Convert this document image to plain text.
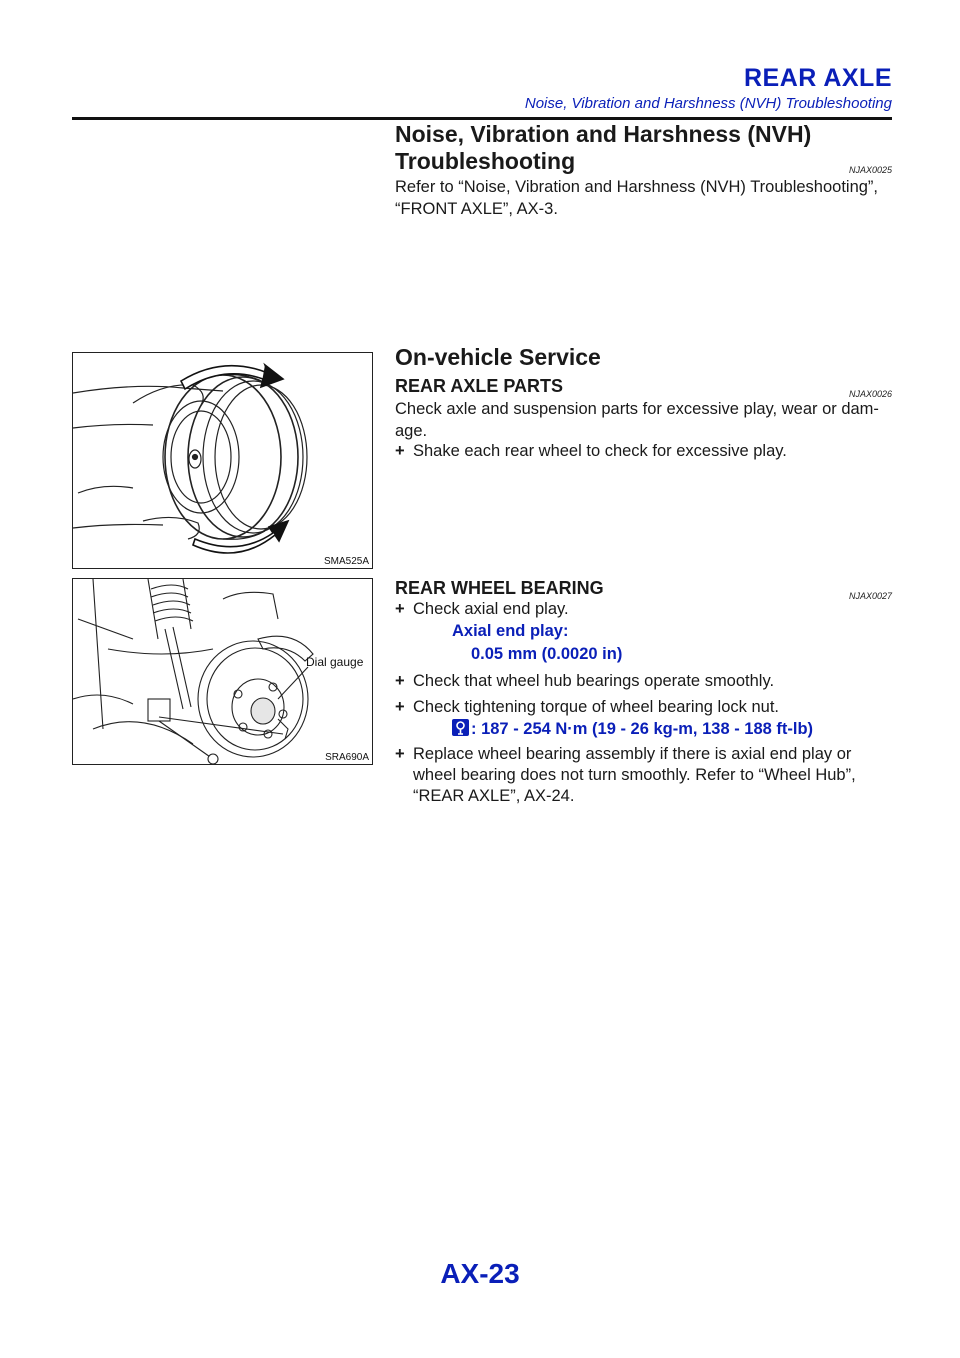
REAR AXLE
Noise, Vibration and Harshness (NVH) Troubleshooting
Noise, Vibration and Harshness (NVH)
Troubleshooting	NJAX0025
Refer to “Noise, Vibration and Harshness (NVH) Troubleshooting”,
“FRONT AXLE”, AX-3.
SMA525A
On-vehicle Service
REAR AXLE PARTS	NJAX0026
Check axle and suspension parts for excessive play, wear or dam-
age.
+ Shake each rear wheel to check for excessive play.
Dial gauge
SRA690A
REAR WHEEL BEARING	NJAX0027
+ Check axial end play.
Axial end play:
0.05 mm (0.0020 in)
+ Check that wheel hub bearings operate smoothly.
+ Check tightening torque of wheel bearing lock nut.
: 187 - 254 N·m (19 - 26 kg-m, 138 - 188 ft-lb)
+ Replace wheel bearing assembly if there is axial end play or
wheel bearing does not turn smoothly. Refer to “Wheel Hub”,
“REAR AXLE”, AX-24.
AX-23
